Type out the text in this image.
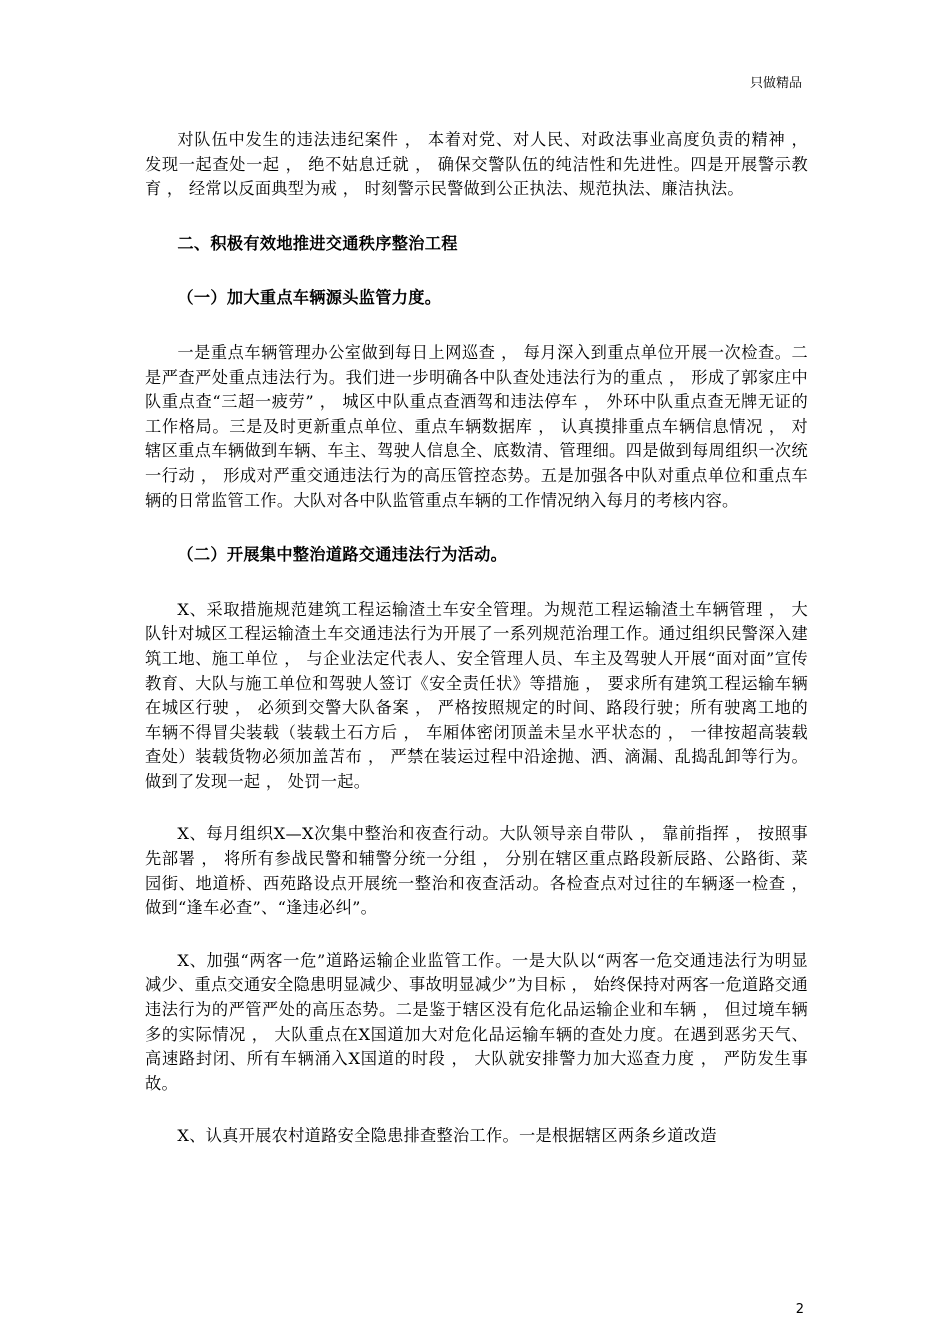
只做精品

对队伍中发生的违法违纪案件 ， 本着对党、对人民、对政法事业高度负责的精神 ， 发现一起查处一起 ， 绝不姑息迁就 ， 确保交警队伍的纯洁性和先进性。四是开展警示教育 ， 经常以反面典型为戒 ， 时刻警示民警做到公正执法、规范执法、廉洁执法。

二、积极有效地推进交通秩序整治工程

（一）加大重点车辆源头监管力度。

一是重点车辆管理办公室做到每日上网巡查 ， 每月深入到重点单位开展一次检查。二是严查严处重点违法行为。我们进一步明确各中队查处违法行为的重点 ， 形成了郭家庄中队重点查“三超一疲劳” ， 城区中队重点查酒驾和违法停车 ， 外环中队重点查无牌无证的工作格局。三是及时更新重点单位、重点车辆数据库 ， 认真摸排重点车辆信息情况 ， 对辖区重点车辆做到车辆、车主、驾驶人信息全、底数清、管理细。四是做到每周组织一次统一行动 ， 形成对严重交通违法行为的高压管控态势。五是加强各中队对重点单位和重点车辆的日常监管工作。大队对各中队监管重点车辆的工作情况纳入每月的考核内容。

（二）开展集中整治道路交通违法行为活动。

X、采取措施规范建筑工程运输渣土车安全管理。为规范工程运输渣土车辆管理 ， 大队针对城区工程运输渣土车交通违法行为开展了一系列规范治理工作。通过组织民警深入建筑工地、施工单位 ， 与企业法定代表人、安全管理人员、车主及驾驶人开展“面对面”宣传教育、大队与施工单位和驾驶人签订《安全责任状》等措施 ， 要求所有建筑工程运输车辆在城区行驶 ， 必须到交警大队备案 ， 严格按照规定的时间、路段行驶；所有驶离工地的车辆不得冒尖装载（装载土石方后 ， 车厢体密闭顶盖未呈水平状态的 ， 一律按超高装载查处）装载货物必须加盖苫布 ， 严禁在装运过程中沿途抛、洒、滴漏、乱捣乱卸等行为。做到了发现一起 ， 处罚一起。

X、每月组织X—X次集中整治和夜查行动。大队领导亲自带队 ， 靠前指挥 ， 按照事先部署 ， 将所有参战民警和辅警分统一分组 ， 分别在辖区重点路段新辰路、公路街、菜园街、地道桥、西苑路设点开展统一整治和夜查活动。各检查点对过往的车辆逐一检查 ， 做到“逢车必查”、“逢违必纠”。

X、加强“两客一危”道路运输企业监管工作。一是大队以“两客一危交通违法行为明显减少、重点交通安全隐患明显减少、事故明显减少”为目标 ， 始终保持对两客一危道路交通违法行为的严管严处的高压态势。二是鉴于辖区没有危化品运输企业和车辆 ， 但过境车辆多的实际情况 ， 大队重点在X国道加大对危化品运输车辆的查处力度。在遇到恶劣天气、高速路封闭、所有车辆涌入X国道的时段 ， 大队就安排警力加大巡查力度 ， 严防发生事故。

X、认真开展农村道路安全隐患排查整治工作。一是根据辖区两条乡道改造

2
